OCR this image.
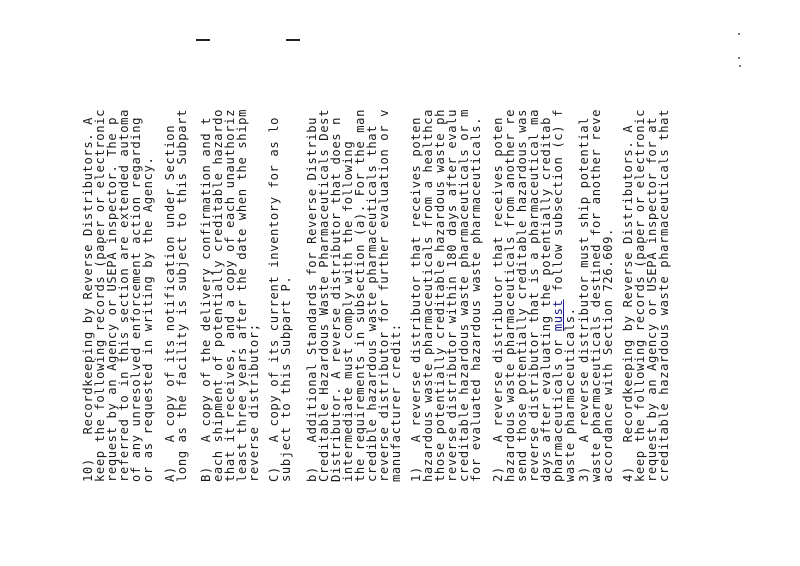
10)   Recordkeeping by Reverse Distributors. A
keep the following records (paper or electronic
request by an Agency or USEPA inspector. The p
referred to in this section are extended automa
of any unresolved enforcement action regarding
or as requested in writing by the Agency. A)   A copy of its notification under Section
long as the facility is subject to this Subpart B)   A copy of the delivery confirmation and t
each shipment of potentially creditable hazardo
that it receives, and a copy of each unauthoriz
least three years after the date when the shipm
reverse distributor; C)   A copy of its current inventory for as lo
subject to this Subpart P. b)   Additional Standards for Reverse Distribu
Creditable Hazardous Waste Pharmaceuticals Dest
Distributor. A reverse distributor that does n
intermediate must comply with the following
the requirements in subsection (a). For the man
credible hazardous waste pharmaceuticals that
reverse distributor for further evaluation or v
manufacturer credit: 1)   A reverse distributor that receives poten
hazardous waste pharmaceuticals from a healthca
those potentially creditable hazardous waste ph
reverse distributor within 180 days after evalu
creditable hazardous waste pharmaceuticals or m
for evaluated hazardous waste pharmaceuticals. 2)   A reverse distributor that receives poten
hazardous waste pharmaceuticals from another re
send those potentially creditable hazardous was
reverse distributor that is a pharmaceutical ma
days after evaluating the potentially creditab
pharmaceuticals or must follow subsection (c) f
waste pharmaceuticals. 3)   A reverse distributor must ship potential
waste pharmaceuticals destined for another reve
accordance with Section 726.609. 4)   Recordkeeping by Reverse Distributors. A
keep the following records (paper or electronic
request by an Agency or USEPA inspector for at
creditable hazardous waste pharmaceuticals that
